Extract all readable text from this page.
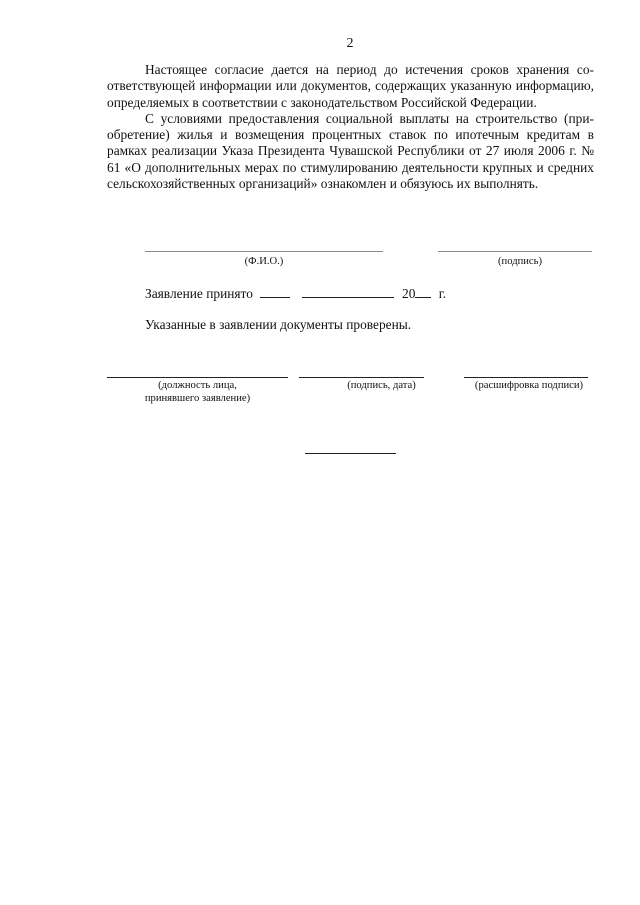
2

Настоящее согласие дается на период до истечения сроков хранения соответствующей информации или документов, содержащих указанную информацию, определяемых в соответствии с законодательством Российской Федерации.

С условиями предоставления социальной выплаты на строительство (приобретение) жилья и возмещения процентных ставок по ипотечным кредитам в рамках реализации Указа Президента Чувашской Республики от 27 июля 2006 г. № 61 «О дополнительных мерах по стимулированию деятельности крупных и средних сельскохозяйственных организаций» ознакомлен и обязуюсь их выполнять.

(Ф.И.О.)	(подпись)
Заявление принято	20 г.
Указанные в заявлении документы проверены.
(должность лица,
принявшего заявление)
(подпись, дата)	(расшифровка подписи)
